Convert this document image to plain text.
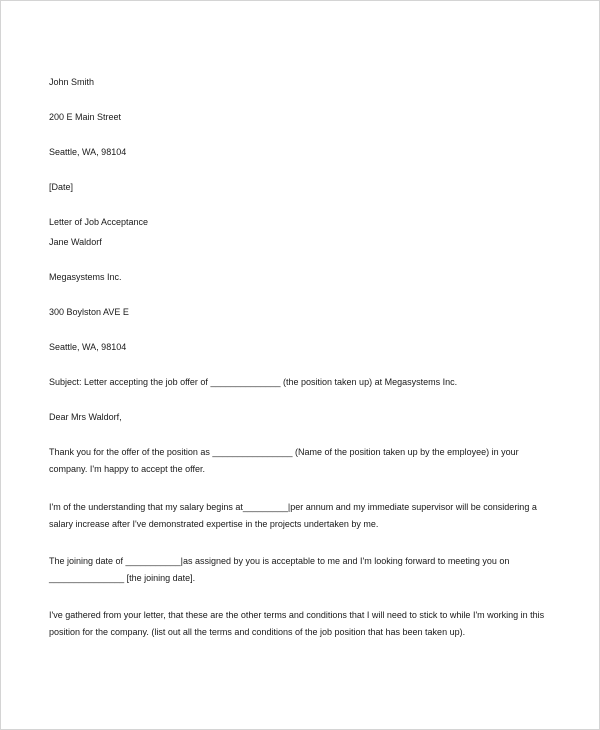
John Smith
200 E Main Street
Seattle, WA, 98104
[Date]
Letter of Job Acceptance
Jane Waldorf
Megasystems Inc.
300 Boylston AVE E
Seattle, WA, 98104
Subject: Letter accepting the job offer of ______________ (the position taken up) at Megasystems Inc.
Dear Mrs Waldorf,
Thank you for the offer of the position as ________________ (Name of the position taken up by the employee) in your company. I'm happy to accept the offer.
I'm of the understanding that my salary begins at_________|per annum and my immediate supervisor will be considering a salary increase after I've demonstrated expertise in the projects undertaken by me.
The joining date of ___________|as assigned by you is acceptable to me and I'm looking forward to meeting you on _______________ [the joining date].
I've gathered from your letter, that these are the other terms and conditions that I will need to stick to while I'm working in this position for the company. (list out all the terms and conditions of the job position that has been taken up).
